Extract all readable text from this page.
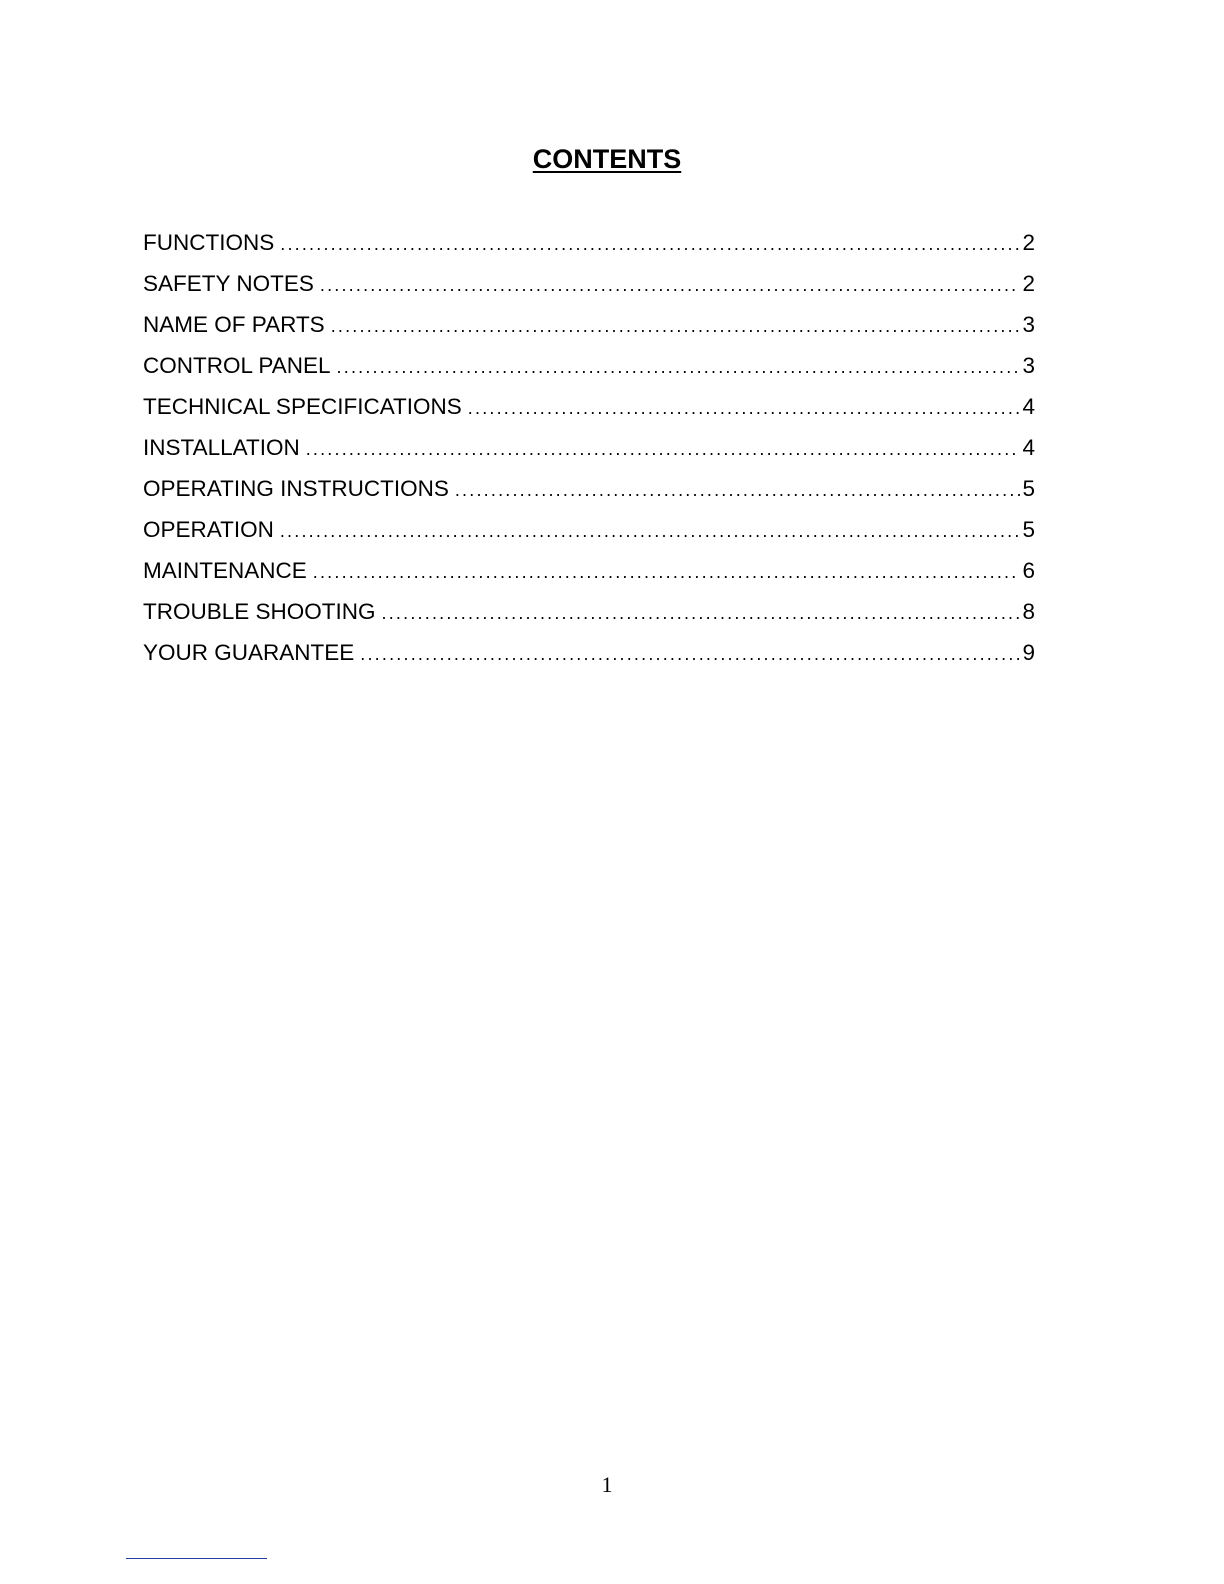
CONTENTS
FUNCTIONS .....	2
SAFETY NOTES .....	2
NAME OF PARTS .....	3
CONTROL PANEL .....	3
TECHNICAL SPECIFICATIONS .....	4
INSTALLATION .....	4
OPERATING INSTRUCTIONS .....	5
OPERATION .....	5
MAINTENANCE .....	6
TROUBLE SHOOTING .....	8
YOUR GUARANTEE .....	9
1
